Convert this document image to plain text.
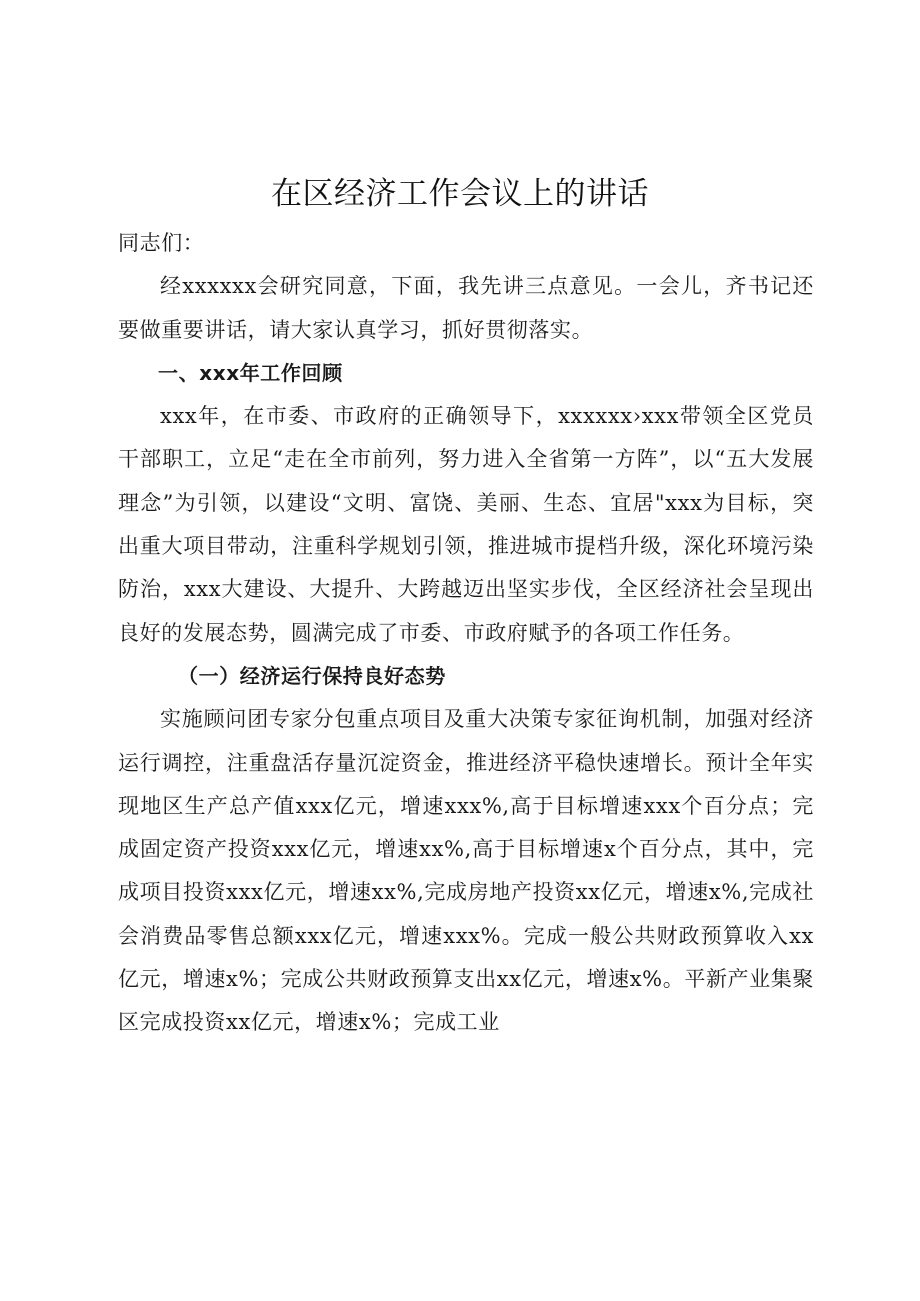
在区经济工作会议上的讲话

同志们：

经xxxxxx会研究同意，下面，我先讲三点意见。一会儿，齐书记还要做重要讲话，请大家认真学习，抓好贯彻落实。

一、xxx年工作回顾

xxx年，在市委、市政府的正确领导下，xxxxxx›xxx带领全区党员干部职工，立足“走在全市前列，努力进入全省第一方阵”，以“五大发展理念”为引领，以建设“文明、富饶、美丽、生态、宜居"xxx为目标，突出重大项目带动，注重科学规划引领，推进城市提档升级，深化环境污染防治，xxx大建设、大提升、大跨越迈出坚实步伐，全区经济社会呈现出良好的发展态势，圆满完成了市委、市政府赋予的各项工作任务。

（一）经济运行保持良好态势

实施顾问团专家分包重点项目及重大决策专家征询机制，加强对经济运行调控，注重盘活存量沉淀资金，推进经济平稳快速增长。预计全年实现地区生产总产值xxx亿元，增速xxx%,高于目标增速xxx个百分点；完成固定资产投资xxx亿元，增速xx%,高于目标增速x个百分点，其中，完成项目投资xxx亿元，增速xx%,完成房地产投资xx亿元，增速x%,完成社会消费品零售总额xxx亿元，增速xxx%。完成一般公共财政预算收入xx亿元，增速x%；完成公共财政预算支出xx亿元，增速x%。平新产业集聚区完成投资xx亿元，增速x%；完成工业
